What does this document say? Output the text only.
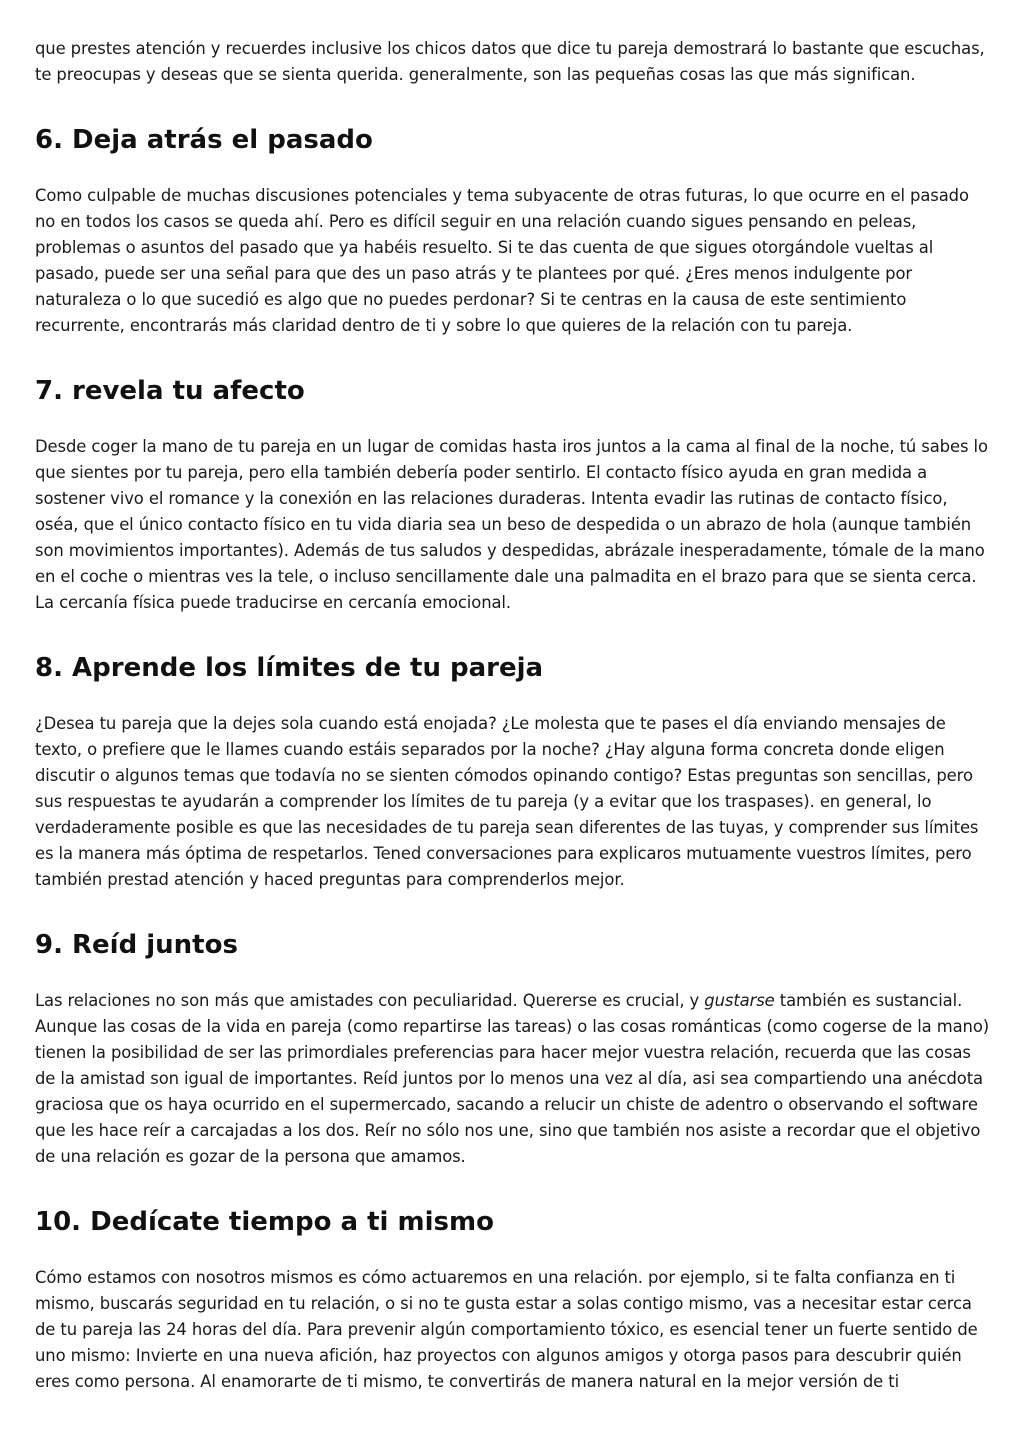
que prestes atención y recuerdes inclusive los chicos datos que dice tu pareja demostrará lo bastante que escuchas, te preocupas y deseas que se sienta querida. generalmente, son las pequeñas cosas las que más significan.

6. Deja atrás el pasado

Como culpable de muchas discusiones potenciales y tema subyacente de otras futuras, lo que ocurre en el pasado no en todos los casos se queda ahí. Pero es difícil seguir en una relación cuando sigues pensando en peleas, problemas o asuntos del pasado que ya habéis resuelto. Si te das cuenta de que sigues otorgándole vueltas al pasado, puede ser una señal para que des un paso atrás y te plantees por qué. ¿Eres menos indulgente por naturaleza o lo que sucedió es algo que no puedes perdonar? Si te centras en la causa de este sentimiento recurrente, encontrarás más claridad dentro de ti y sobre lo que quieres de la relación con tu pareja.

7. revela tu afecto

Desde coger la mano de tu pareja en un lugar de comidas hasta iros juntos a la cama al final de la noche, tú sabes lo que sientes por tu pareja, pero ella también debería poder sentirlo. El contacto físico ayuda en gran medida a sostener vivo el romance y la conexión en las relaciones duraderas. Intenta evadir las rutinas de contacto físico, oséa, que el único contacto físico en tu vida diaria sea un beso de despedida o un abrazo de hola (aunque también son movimientos importantes). Además de tus saludos y despedidas, abrázale inesperadamente, tómale de la mano en el coche o mientras ves la tele, o incluso sencillamente dale una palmadita en el brazo para que se sienta cerca. La cercanía física puede traducirse en cercanía emocional.

8. Aprende los límites de tu pareja

¿Desea tu pareja que la dejes sola cuando está enojada? ¿Le molesta que te pases el día enviando mensajes de texto, o prefiere que le llames cuando estáis separados por la noche? ¿Hay alguna forma concreta donde eligen discutir o algunos temas que todavía no se sienten cómodos opinando contigo? Estas preguntas son sencillas, pero sus respuestas te ayudarán a comprender los límites de tu pareja (y a evitar que los traspases). en general, lo verdaderamente posible es que las necesidades de tu pareja sean diferentes de las tuyas, y comprender sus límites es la manera más óptima de respetarlos. Tened conversaciones para explicaros mutuamente vuestros límites, pero también prestad atención y haced preguntas para comprenderlos mejor.

9. Reíd juntos

Las relaciones no son más que amistades con peculiaridad. Quererse es crucial, y gustarse también es sustancial. Aunque las cosas de la vida en pareja (como repartirse las tareas) o las cosas románticas (como cogerse de la mano) tienen la posibilidad de ser las primordiales preferencias para hacer mejor vuestra relación, recuerda que las cosas de la amistad son igual de importantes. Reíd juntos por lo menos una vez al día, asi sea compartiendo una anécdota graciosa que os haya ocurrido en el supermercado, sacando a relucir un chiste de adentro o observando el software que les hace reír a carcajadas a los dos. Reír no sólo nos une, sino que también nos asiste a recordar que el objetivo de una relación es gozar de la persona que amamos.

10. Dedícate tiempo a ti mismo

Cómo estamos con nosotros mismos es cómo actuaremos en una relación. por ejemplo, si te falta confianza en ti mismo, buscarás seguridad en tu relación, o si no te gusta estar a solas contigo mismo, vas a necesitar estar cerca de tu pareja las 24 horas del día. Para prevenir algún comportamiento tóxico, es esencial tener un fuerte sentido de uno mismo: Invierte en una nueva afición, haz proyectos con algunos amigos y otorga pasos para descubrir quién eres como persona. Al enamorarte de ti mismo, te convertirás de manera natural en la mejor versión de ti
